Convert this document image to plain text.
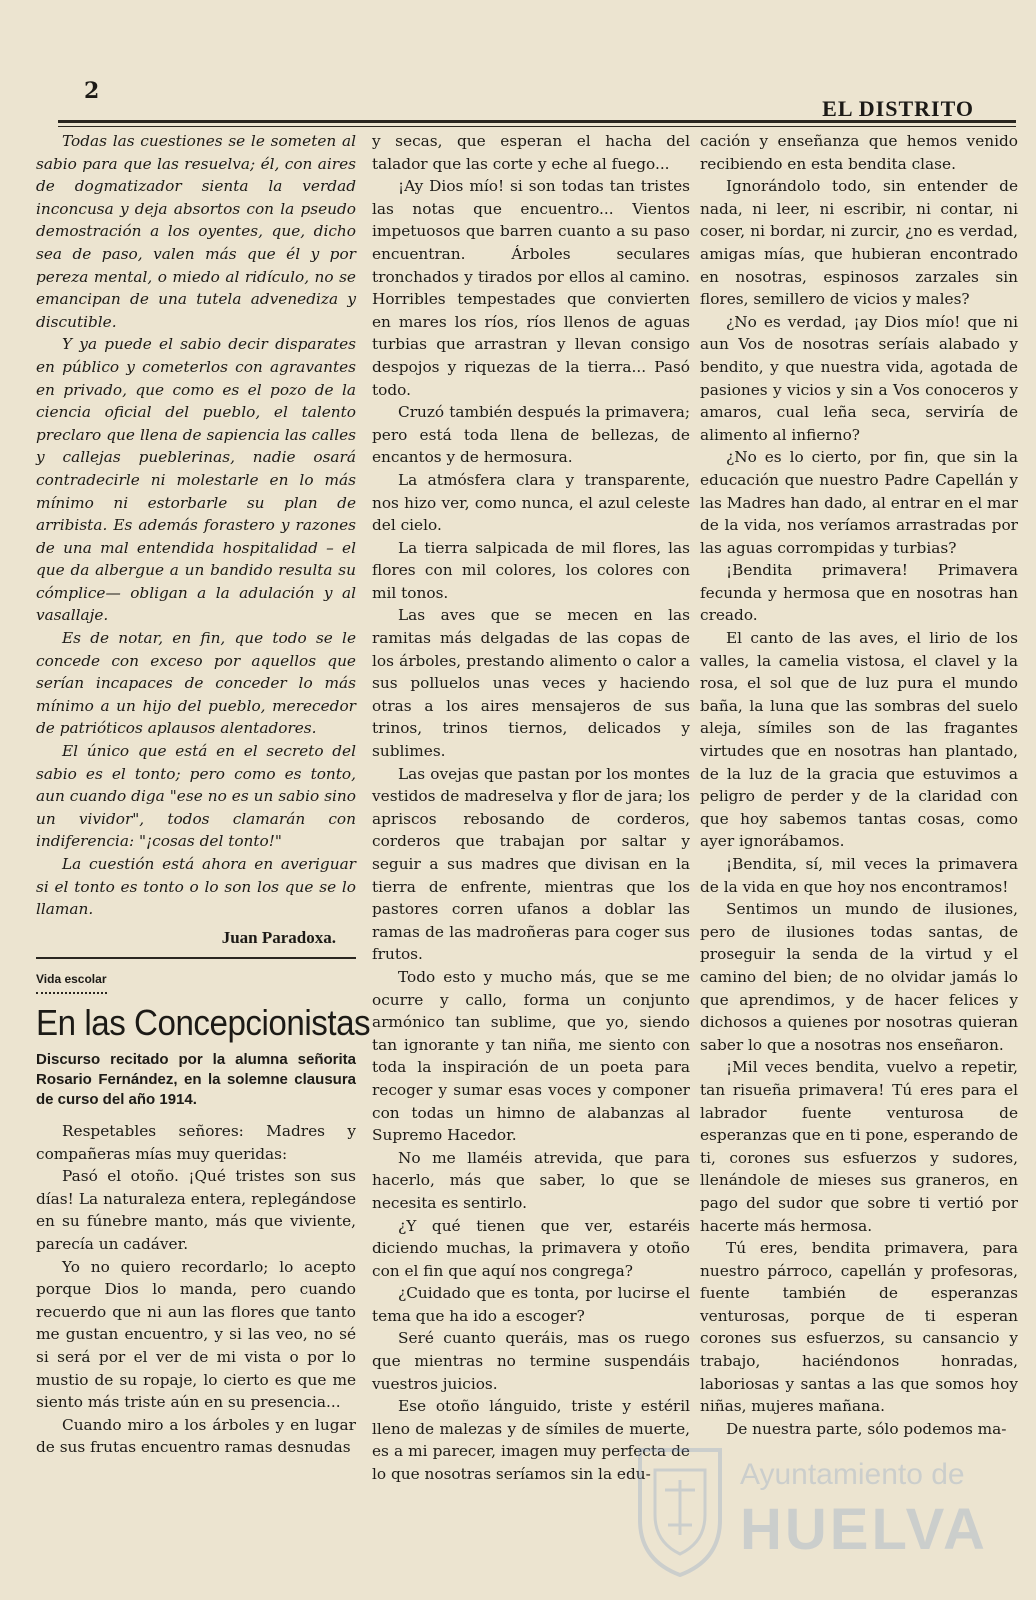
2
EL DISTRITO

Todas las cuestiones se le someten al sabio para que las resuelva; él, con aires de dogmatizador sienta la verdad inconcusa y deja absortos con la pseudo demostración a los oyentes, que, dicho sea de paso, valen más que él y por pereza mental, o miedo al ridículo, no se emancipan de una tutela advenediza y discutible.

Y ya puede el sabio decir disparates en público y cometerlos con agravantes en privado, que como es el pozo de la ciencia oficial del pueblo, el talento preclaro que llena de sapiencia las calles y callejas pueblerinas, nadie osará contradecirle ni molestarle en lo más mínimo ni estorbarle su plan de arribista. Es además forastero y razones de una mal entendida hospitalidad – el que da albergue a un bandido resulta su cómplice— obligan a la adulación y al vasallaje.

Es de notar, en fin, que todo se le concede con exceso por aquellos que serían incapaces de conceder lo más mínimo a un hijo del pueblo, merecedor de patrióticos aplausos alentadores.

El único que está en el secreto del sabio es el tonto; pero como es tonto, aun cuando diga "ese no es un sabio sino un vividor", todos clamarán con indiferencia: "¡cosas del tonto!"

La cuestión está ahora en averiguar si el tonto es tonto o lo son los que se lo llaman.

Juan Paradoxa.

Vida escolar

En las Concepcionistas

Discurso recitado por la alumna señorita Rosario Fernández, en la solemne clausura de curso del año 1914.

Respetables señores: Madres y compañeras mías muy queridas:

Pasó el otoño. ¡Qué tristes son sus días! La naturaleza entera, replegándose en su fúnebre manto, más que viviente, parecía un cadáver.

Yo no quiero recordarlo; lo acepto porque Dios lo manda, pero cuando recuerdo que ni aun las flores que tanto me gustan encuentro, y si las veo, no sé si será por el ver de mi vista o por lo mustio de su ropaje, lo cierto es que me siento más triste aún en su presencia...

Cuando miro a los árboles y en lugar de sus frutas encuentro ramas desnudas

y secas, que esperan el hacha del talador que las corte y eche al fuego...

¡Ay Dios mío! si son todas tan tristes las notas que encuentro... Vientos impetuosos que barren cuanto a su paso encuentran. Árboles seculares tronchados y tirados por ellos al camino. Horribles tempestades que convierten en mares los ríos, ríos llenos de aguas turbias que arrastran y llevan consigo despojos y riquezas de la tierra... Pasó todo.

Cruzó también después la primavera; pero está toda llena de bellezas, de encantos y de hermosura.

La atmósfera clara y transparente, nos hizo ver, como nunca, el azul celeste del cielo.

La tierra salpicada de mil flores, las flores con mil colores, los colores con mil tonos.

Las aves que se mecen en las ramitas más delgadas de las copas de los árboles, prestando alimento o calor a sus polluelos unas veces y haciendo otras a los aires mensajeros de sus trinos, trinos tiernos, delicados y sublimes.

Las ovejas que pastan por los montes vestidos de madreselva y flor de jara; los apriscos rebosando de corderos, corderos que trabajan por saltar y seguir a sus madres que divisan en la tierra de enfrente, mientras que los pastores corren ufanos a doblar las ramas de las madroñeras para coger sus frutos.

Todo esto y mucho más, que se me ocurre y callo, forma un conjunto armónico tan sublime, que yo, siendo tan ignorante y tan niña, me siento con toda la inspiración de un poeta para recoger y sumar esas voces y componer con todas un himno de alabanzas al Supremo Hacedor.

No me llaméis atrevida, que para hacerlo, más que saber, lo que se necesita es sentirlo.

¿Y qué tienen que ver, estaréis diciendo muchas, la primavera y otoño con el fin que aquí nos congrega?

¿Cuidado que es tonta, por lucirse el tema que ha ido a escoger?

Seré cuanto queráis, mas os ruego que mientras no termine suspendáis vuestros juicios.

Ese otoño lánguido, triste y estéril lleno de malezas y de símiles de muerte, es a mi parecer, imagen muy perfecta de lo que nosotras seríamos sin la edu-

cación y enseñanza que hemos venido recibiendo en esta bendita clase.

Ignorándolo todo, sin entender de nada, ni leer, ni escribir, ni contar, ni coser, ni bordar, ni zurcir, ¿no es verdad, amigas mías, que hubieran encontrado en nosotras, espinosos zarzales sin flores, semillero de vicios y males?

¿No es verdad, ¡ay Dios mío! que ni aun Vos de nosotras seríais alabado y bendito, y que nuestra vida, agotada de pasiones y vicios y sin a Vos conoceros y amaros, cual leña seca, serviría de alimento al infierno?

¿No es lo cierto, por fin, que sin la educación que nuestro Padre Capellán y las Madres han dado, al entrar en el mar de la vida, nos veríamos arrastradas por las aguas corrompidas y turbias?

¡Bendita primavera! Primavera fecunda y hermosa que en nosotras han creado.

El canto de las aves, el lirio de los valles, la camelia vistosa, el clavel y la rosa, el sol que de luz pura el mundo baña, la luna que las sombras del suelo aleja, símiles son de las fragantes virtudes que en nosotras han plantado, de la luz de la gracia que estuvimos a peligro de perder y de la claridad con que hoy sabemos tantas cosas, como ayer ignorábamos.

¡Bendita, sí, mil veces la primavera de la vida en que hoy nos encontramos!

Sentimos un mundo de ilusiones, pero de ilusiones todas santas, de proseguir la senda de la virtud y el camino del bien; de no olvidar jamás lo que aprendimos, y de hacer felices y dichosos a quienes por nosotras quieran saber lo que a nosotras nos enseñaron.

¡Mil veces bendita, vuelvo a repetir, tan risueña primavera! Tú eres para el labrador fuente venturosa de esperanzas que en ti pone, esperando de ti, corones sus esfuerzos y sudores, llenándole de mieses sus graneros, en pago del sudor que sobre ti vertió por hacerte más hermosa.

Tú eres, bendita primavera, para nuestro párroco, capellán y profesoras, fuente también de esperanzas venturosas, porque de ti esperan corones sus esfuerzos, su cansancio y trabajo, haciéndonos honradas, laboriosas y santas a las que somos hoy niñas, mujeres mañana.

De nuestra parte, sólo podemos ma-

Ayuntamiento de
HUELVA
